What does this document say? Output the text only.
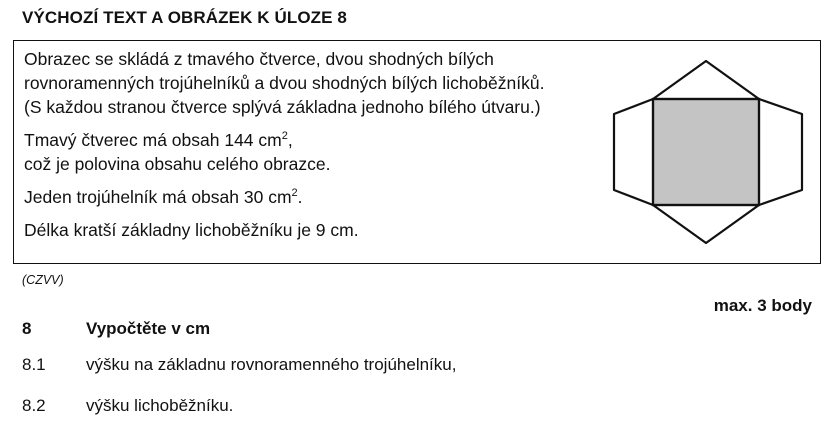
VÝCHOZÍ TEXT A OBRÁZEK K ÚLOZE 8

Obrazec se skládá z tmavého čtverce, dvou shodných bílých

rovnoramenných trojúhelníků a dvou shodných bílých lichoběžníků.

(S každou stranou čtverce splývá základna jednoho bílého útvaru.)

Tmavý čtverec má obsah 144 $cm^2$,

což je polovina obsahu celého obrazce.

Jeden trojúhelník má obsah 30 $cm^2$.

Délka kratší základny lichoběžníku je 9 cm.

(CZVV)
max. 3 body
8	Vypočtěte v cm
8.1 výšku na základnu rovnoramenného trojúhelníku,
8.2 výšku lichoběžníku.
